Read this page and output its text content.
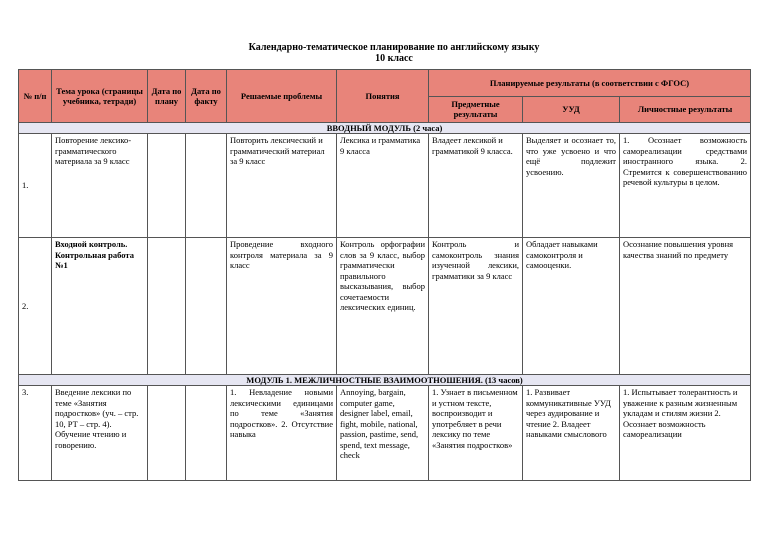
Календарно-тематическое планирование по английскому языку
10 класс
№ п/п	Тема урока (страницы учебника, тетради)	Дата по плану	Дата по факту	Решаемые проблемы	Понятия	Планируемые результаты (в соответствии с ФГОС)		
						Предметные результаты	УУД	Личностные результаты
ВВОДНЫЙ МОДУЛЬ (2 часа)								
1.	Повторение лексико-грамматического материала за 9 класс			Повторить лексический и грамматический материал за 9 класс	Лексика и грамматика 9 класса	Владеет лексикой и грамматикой 9 класса.	Выделяет и осознает то, что уже усвоено и что ещё подлежит усвоению.	1. Осознает возможность самореализации средствами иностранного языка. 2. Стремится к совершенствованию речевой культуры в целом.
2.	Входной контроль. Контрольная работа №1			Проведение входного контроля материала за 9 класс	Контроль орфографии слов за 9 класс, выбор грамматически правильного высказывания, выбор сочетаемости лексических единиц.	Контроль и самоконтроль знания изученной лексики, грамматики за 9 класс	Обладает навыками самоконтроля и самооценки.	Осознание повышения уровня качества знаний по предмету
МОДУЛЬ 1. МЕЖЛИЧНОСТНЫЕ ВЗАИМООТНОШЕНИЯ. (13 часов)								
3.	Введение лексики по теме «Занятия подростков» (уч. – стр. 10, РТ – стр. 4). Обучение чтению и говорению.			1. Невладение новыми лексическими единицами по теме «Занятия подростков». 2. Отсутствие навыка	Annoying, bargain, computer game, designer label, email, fight, mobile, national, passion, pastime, send, spend, text message, check	1. Узнает в письменном и устном тексте, воспроизводит и употребляет в речи лексику по теме «Занятия подростков»	1. Развивает коммуникативные УУД через аудирование и чтение 2. Владеет навыками смыслового	1. Испытывает толерантность и уважение к разным жизненным укладам и стилям жизни 2. Осознает возможность самореализации
